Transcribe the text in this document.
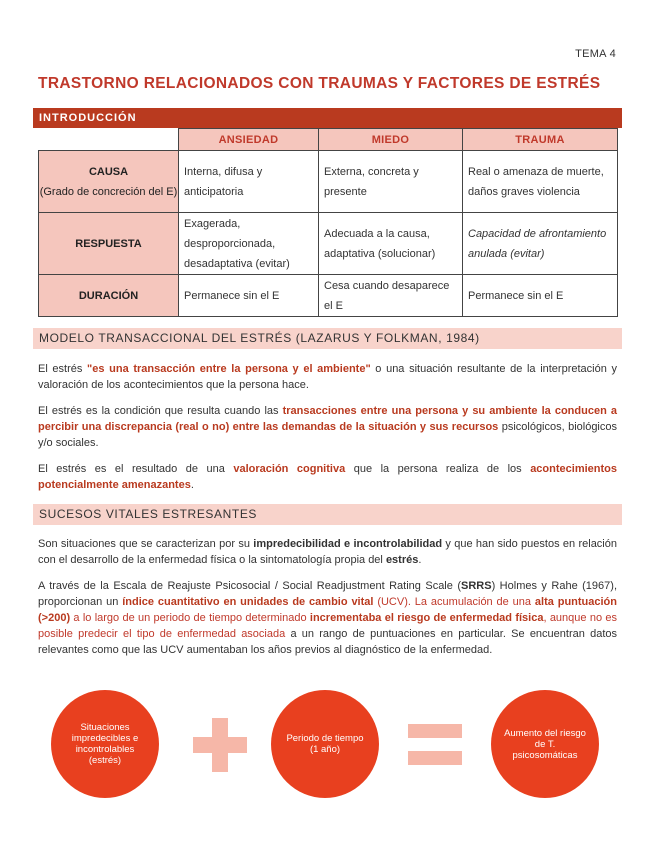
TEMA 4
TRASTORNO RELACIONADOS CON TRAUMAS Y FACTORES DE ESTRÉS
INTRODUCCIÓN
	ANSIEDAD	MIEDO	TRAUMA
CAUSA
(Grado de concreción del E)	Interna, difusa y anticipatoria	Externa, concreta y presente	Real o amenaza de muerte, daños graves violencia
RESPUESTA	Exagerada, desproporcionada, desadaptativa (evitar)	Adecuada a la causa, adaptativa (solucionar)	Capacidad de afrontamiento anulada (evitar)
DURACIÓN	Permanece sin el E	Cesa cuando desaparece el E	Permanece sin el E
MODELO TRANSACCIONAL DEL ESTRÉS (LAZARUS Y FOLKMAN, 1984)

El estrés "es una transacción entre la persona y el ambiente" o una situación resultante de la interpretación y valoración de los acontecimientos que la persona hace.

El estrés es la condición que resulta cuando las transacciones entre una persona y su ambiente la conducen a percibir una discrepancia (real o no) entre las demandas de la situación y sus recursos psicológicos, biológicos y/o sociales.

El estrés es el resultado de una valoración cognitiva que la persona realiza de los acontecimientos potencialmente amenazantes.

SUCESOS VITALES ESTRESANTES

Son situaciones que se caracterizan por su impredecibilidad e incontrolabilidad y que han sido puestos en relación con el desarrollo de la enfermedad física o la sintomatología propia del estrés.

A través de la Escala de Reajuste Psicosocial / Social Readjustment Rating Scale (SRRS) Holmes y Rahe (1967), proporcionan un índice cuantitativo en unidades de cambio vital (UCV). La acumulación de una alta puntuación (>200) a lo largo de un periodo de tiempo determinado incrementaba el riesgo de enfermedad física, aunque no es posible predecir el tipo de enfermedad asociada a un rango de puntuaciones en particular. Se encuentran datos relevantes como que las UCV aumentaban los años previos al diagnóstico de la enfermedad.

Situaciones impredecibles e incontrolables (estrés)
Periodo de tiempo (1 año)
Aumento del riesgo de T. psicosomáticas
